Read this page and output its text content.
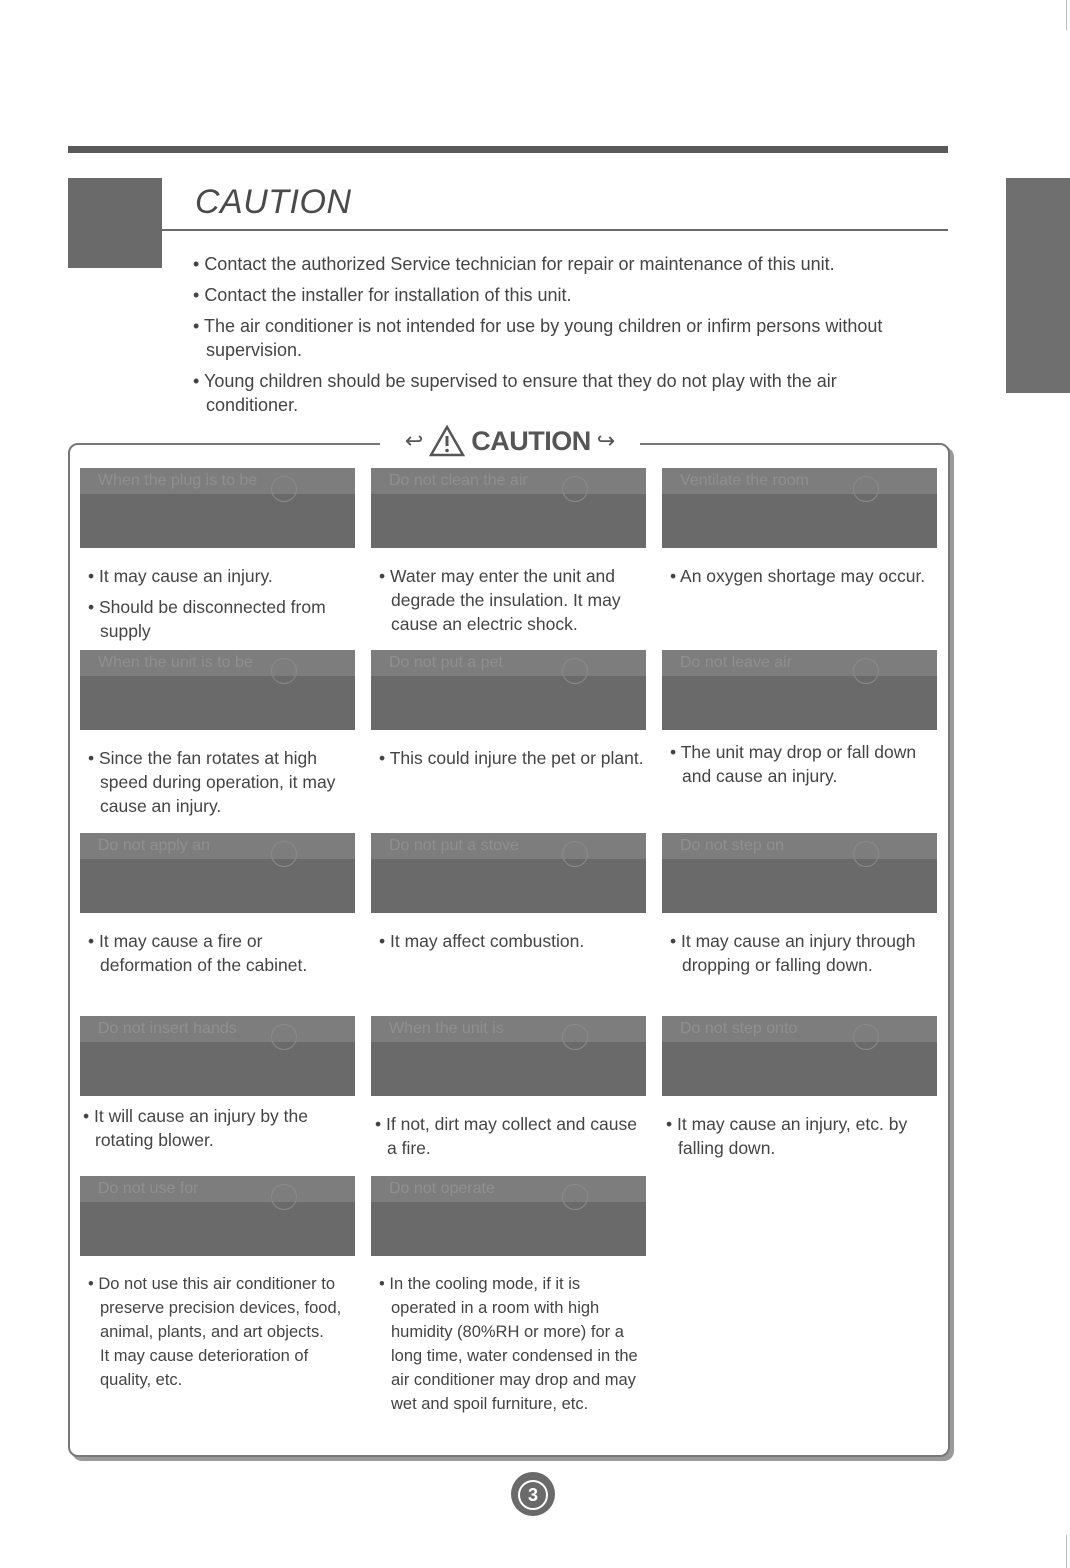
CAUTION
• Contact the authorized Service technician for repair or maintenance of this unit.
• Contact the installer for installation of this unit.
• The air conditioner is not intended for use by young children or infirm persons without supervision.
• Young children should be supervised to ensure that they do not play with the air conditioner.
↩ CAUTION ↪
When the plug is to be
• It may cause an injury.
• Should be disconnected from supply
Do not clean the air
• Water may enter the unit and degrade the insulation. It may cause an electric shock.
Ventilate the room
• An oxygen shortage may occur.
When the unit is to be
• Since the fan rotates at high speed during operation, it may cause an injury.
Do not put a pet
• This could injure the pet or plant.
Do not leave air
• The unit may drop or fall down and cause an injury.
Do not apply an
• It may cause a fire or deformation of the cabinet.
Do not put a stove
• It may affect combustion.
Do not step on
• It may cause an injury through dropping or falling down.
Do not insert hands
• It will cause an injury by the rotating blower.
When the unit is
• If not, dirt may collect and cause a fire.
Do not step onto
• It may cause an injury, etc. by falling down.
Do not use for
• Do not use this air conditioner to preserve precision devices, food, animal, plants, and art objects.
It may cause deterioration of quality, etc.
Do not operate
• In the cooling mode, if it is operated in a room with high humidity (80%RH or more) for a long time, water condensed in the air conditioner may drop and may wet and spoil furniture, etc.
3
